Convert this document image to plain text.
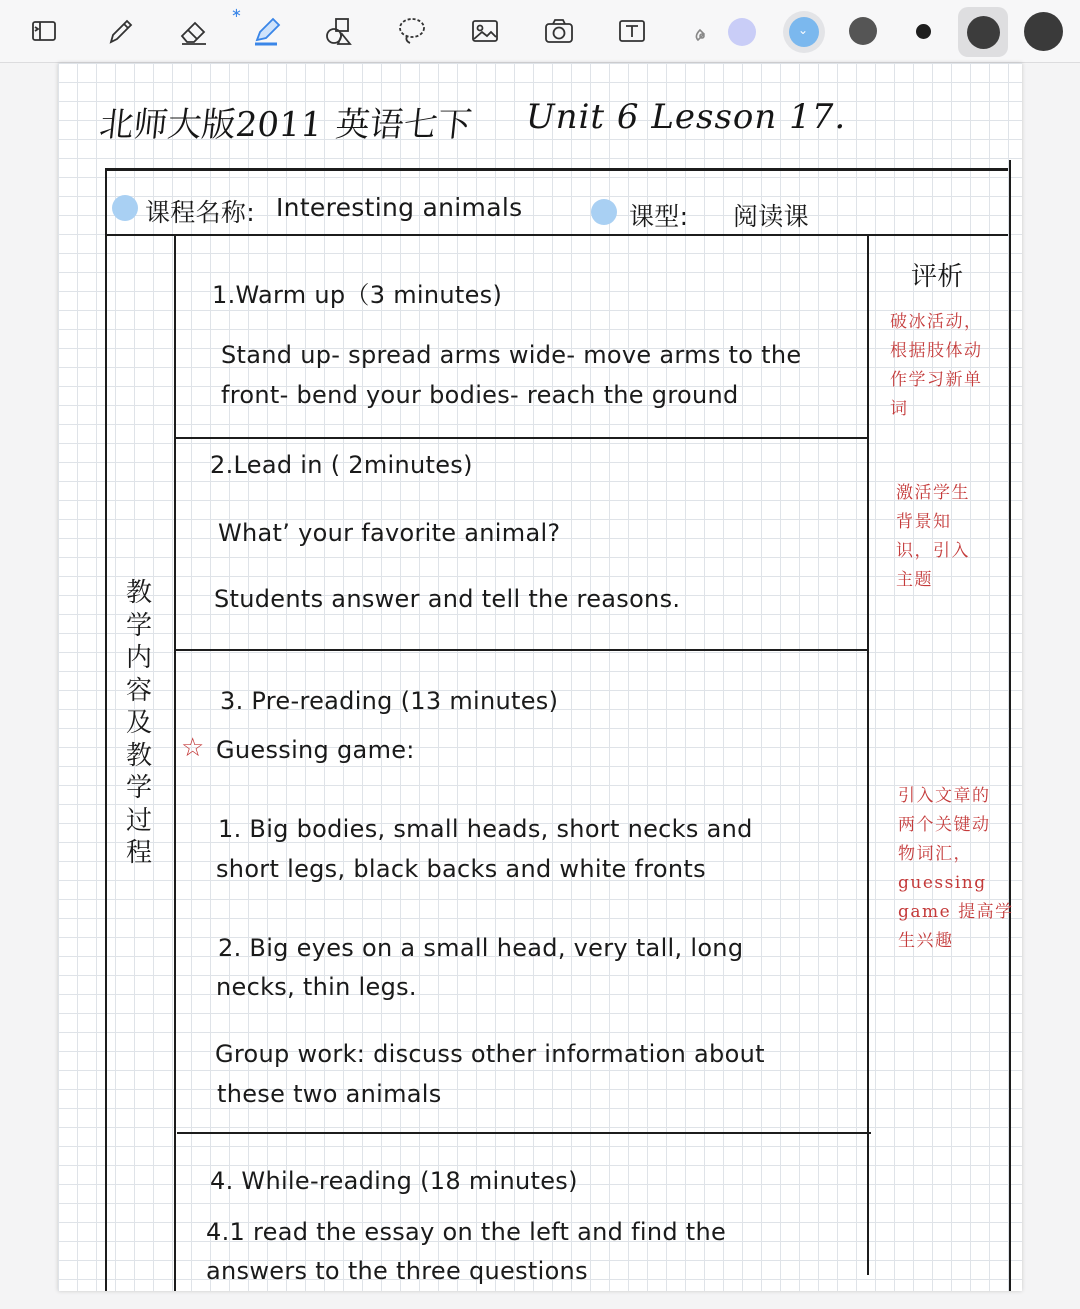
∗
⌄
北师大版2011 英语七下 Unit 6 Lesson 17.
课程名称: Interesting animals	课型: 阅读课
教学内容及教学过程
评析
1.Warm up（3 minutes)
Stand up- spread arms wide- move arms to the
front- bend your bodies- reach the ground
2.Lead in ( 2minutes)
What’ your favorite animal?
Students answer and tell the reasons.
3. Pre-reading (13 minutes)
☆ Guessing game:
1. Big bodies, small heads, short necks and
short legs, black backs and white fronts
2. Big eyes on a small head, very tall, long
necks, thin legs.
Group work: discuss other information about
these two animals
4. While-reading (18 minutes)
4.1 read the essay on the left and find the
answers to the three questions
破冰活动，
根据肢体动
作学习新单
词
激活学生
背景知
识，引入
主题
引入文章的
两个关键动
物词汇，
guessing
game 提高学
生兴趣
